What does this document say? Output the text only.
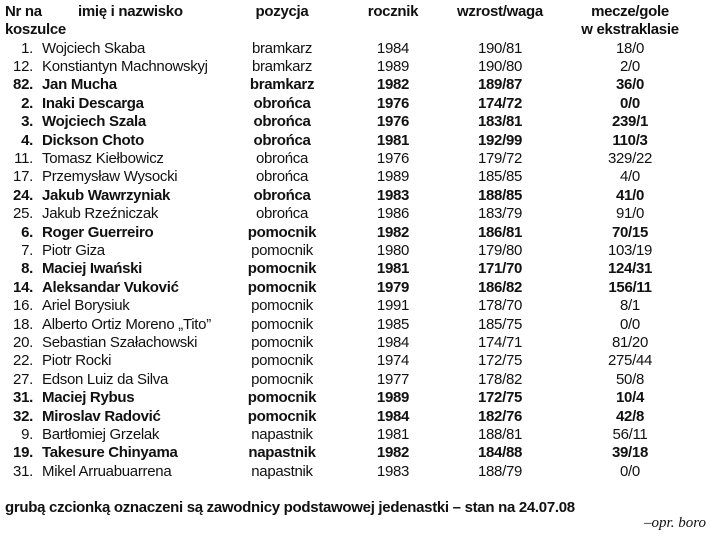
Nr na
koszulce
imię i nazwisko	pozycja	rocznik	wzrost/waga	mecze/gole
w ekstraklasie
1. Wojciech Skaba	bramkarz	1984	190/81	18/0
12. Konstiantyn Machnowskyj	bramkarz	1989	190/80	2/0
82. Jan Mucha	bramkarz	1982	189/87	36/0
2. Inaki Descarga	obrońca	1976	174/72	0/0
3. Wojciech Szala	obrońca	1976	183/81	239/1
4. Dickson Choto	obrońca	1981	192/99	110/3
11. Tomasz Kiełbowicz	obrońca	1976	179/72	329/22
17. Przemysław Wysocki	obrońca	1989	185/85	4/0
24. Jakub Wawrzyniak	obrońca	1983	188/85	41/0
25. Jakub Rzeźniczak	obrońca	1986	183/79	91/0
6. Roger Guerreiro	pomocnik	1982	186/81	70/15
7. Piotr Giza	pomocnik	1980	179/80	103/19
8. Maciej Iwański	pomocnik	1981	171/70	124/31
14. Aleksandar Vuković	pomocnik	1979	186/82	156/11
16. Ariel Borysiuk	pomocnik	1991	178/70	8/1
18. Alberto Ortiz Moreno „Tito”	pomocnik	1985	185/75	0/0
20. Sebastian Szałachowski	pomocnik	1984	174/71	81/20
22. Piotr Rocki	pomocnik	1974	172/75	275/44
27. Edson Luiz da Silva	pomocnik	1977	178/82	50/8
31. Maciej Rybus	pomocnik	1989	172/75	10/4
32. Miroslav Radović	pomocnik	1984	182/76	42/8
9. Bartłomiej Grzelak	napastnik	1981	188/81	56/11
19. Takesure Chinyama	napastnik	1982	184/88	39/18
31. Mikel Arruabuarrena	napastnik	1983	188/79	0/0
grubą czcionką oznaczeni są zawodnicy podstawowej jedenastki – stan na 24.07.08
–opr. boro
